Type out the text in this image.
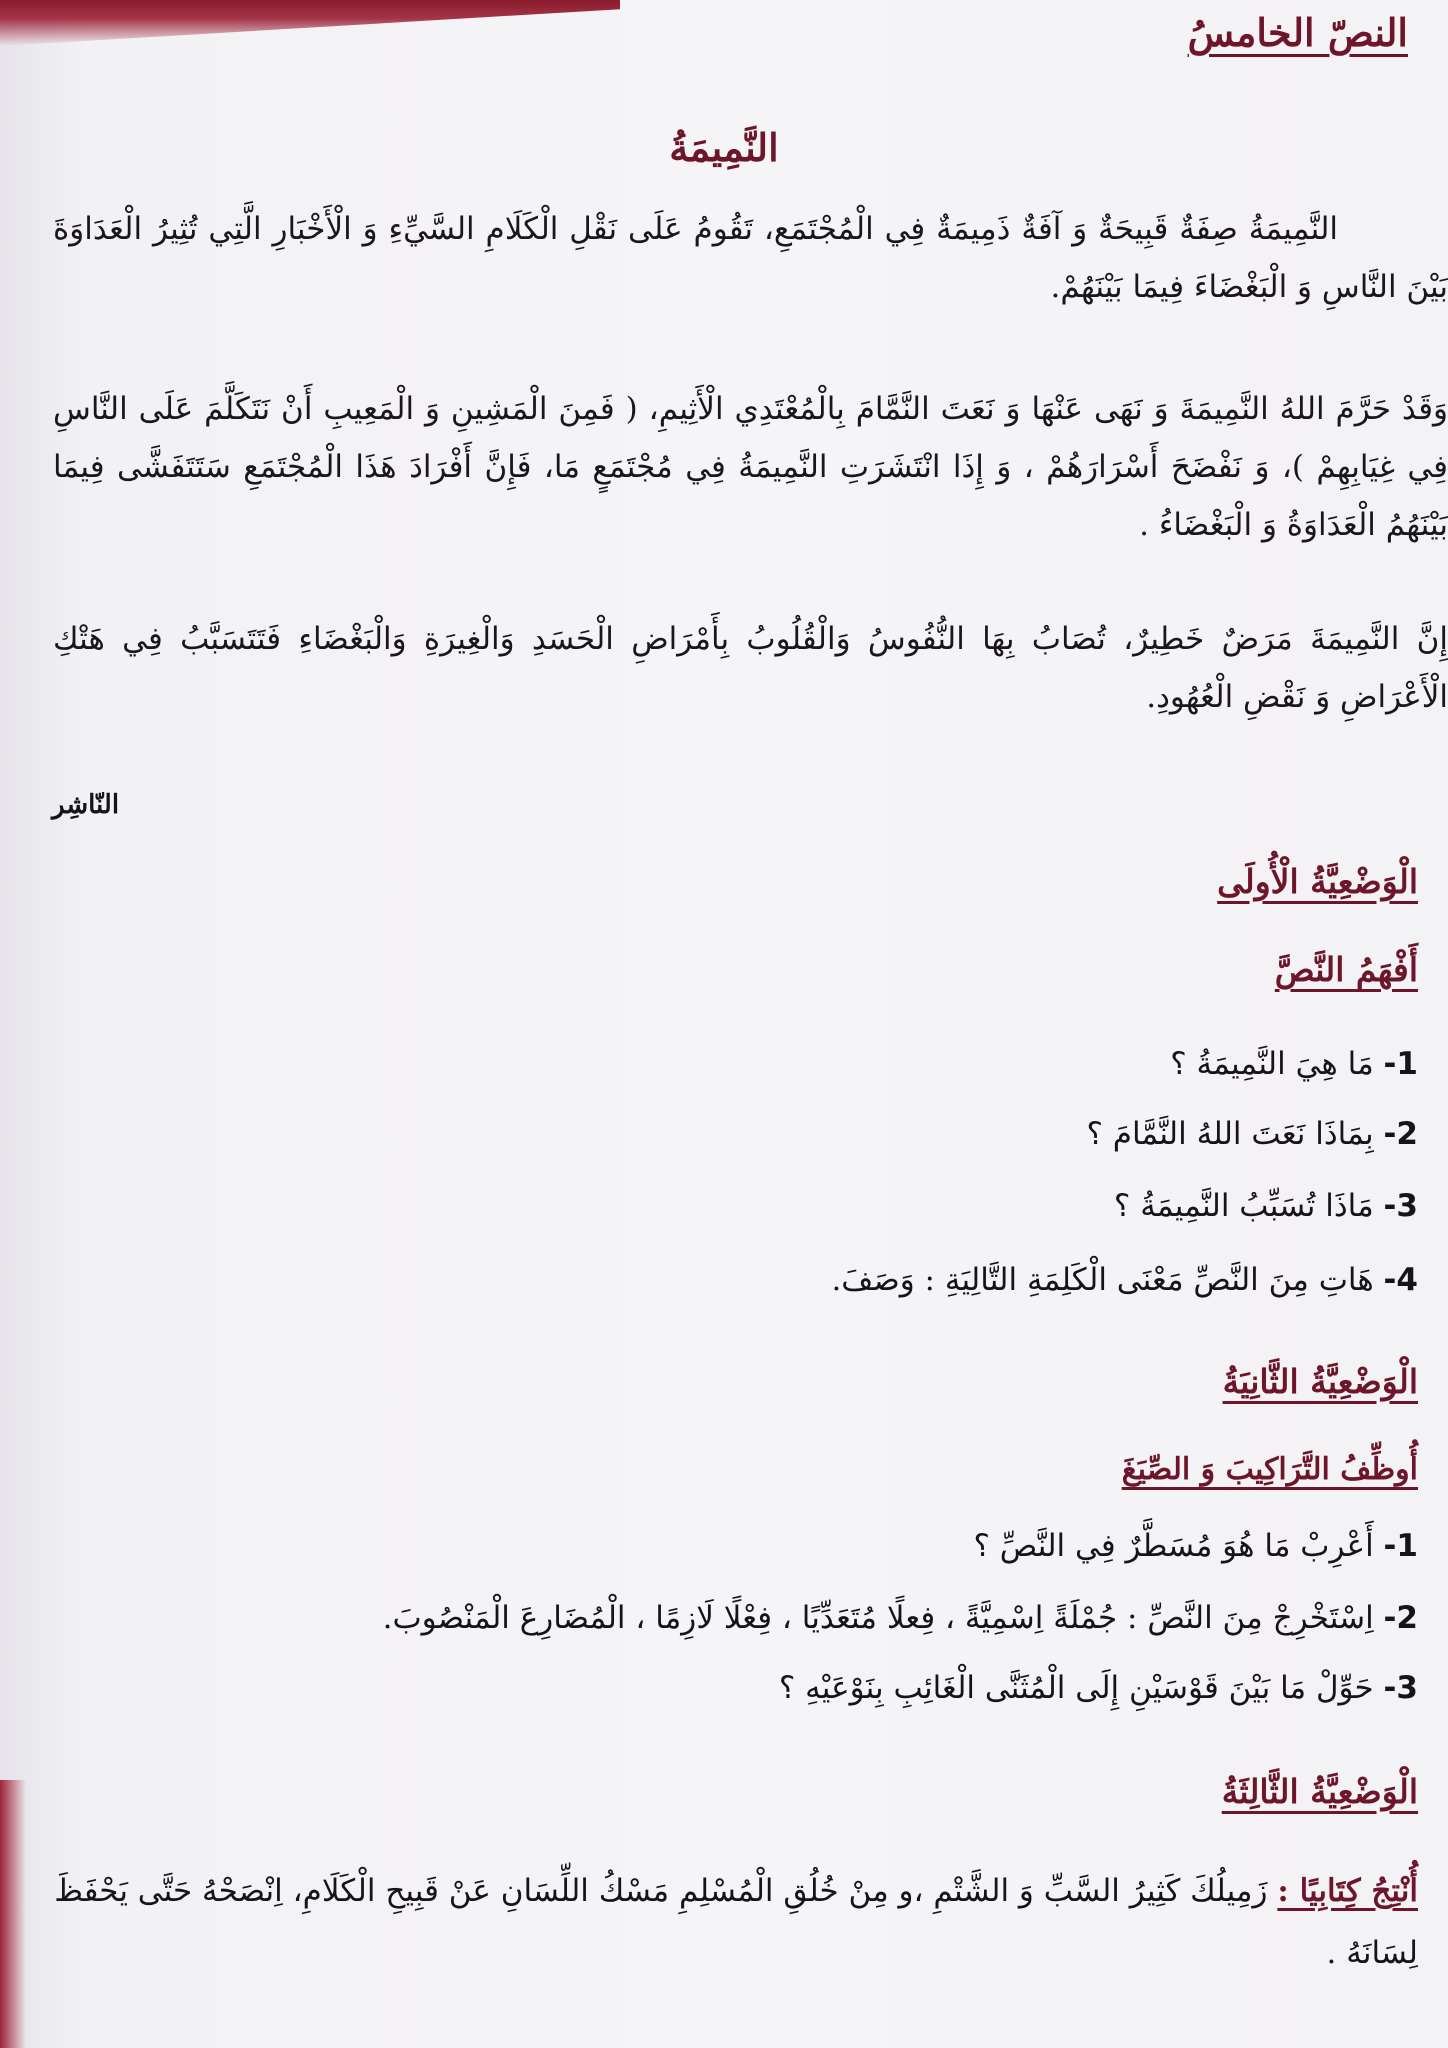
النصّ الخامسُ
النَّمِيمَةُ

النَّمِيمَةُ صِفَةٌ قَبِيحَةٌ وَ آفَةٌ ذَمِيمَةٌ فِي الْمُجْتَمَعِ، تَقُومُ عَلَى نَقْلِ الْكَلَامِ السَّيِّءِ وَ الْأَخْبَارِ الَّتِي تُثِيرُ الْعَدَاوَةَ بَيْنَ النَّاسِ وَ الْبَغْضَاءَ فِيمَا بَيْنَهُمْ.

وَقَدْ حَرَّمَ اللهُ النَّمِيمَةَ وَ نَهَى عَنْهَا وَ نَعَتَ النَّمَّامَ بِالْمُعْتَدِي الْأَثِيمِ، ( فَمِنَ الْمَشِينِ وَ الْمَعِيبِ أَنْ نَتَكَلَّمَ عَلَى النَّاسِ فِي غِيَابِهِمْ )، وَ نَفْضَحَ أَسْرَارَهُمْ ، وَ إِذَا انْتَشَرَتِ النَّمِيمَةُ فِي مُجْتَمَعٍ مَا، فَإِنَّ أَفْرَادَ هَذَا الْمُجْتَمَعِ سَتَتَفَشَّى فِيمَا بَيْنَهُمُ الْعَدَاوَةُ وَ الْبَغْضَاءُ .

إِنَّ النَّمِيمَةَ مَرَضٌ خَطِيرٌ، تُصَابُ بِهَا النُّفُوسُ وَالْقُلُوبُ بِأَمْرَاضِ الْحَسَدِ وَالْغِيرَةِ وَالْبَغْضَاءِ فَتَتَسَبَّبُ فِي هَتْكِ الْأَعْرَاضِ وَ نَقْضِ الْعُهُودِ.

النّاشِر
الْوَضْعِيَّةُ الْأُولَى
أَفْهَمُ النَّصَّ
1- مَا هِيَ النَّمِيمَةُ ؟
2- بِمَاذَا نَعَتَ اللهُ النَّمَّامَ ؟
3- مَاذَا تُسَبِّبُ النَّمِيمَةُ ؟
4- هَاتِ مِنَ النَّصِّ مَعْنَى الْكَلِمَةِ التَّالِيَةِ : وَصَفَ.
الْوَضْعِيَّةُ الثَّانِيَةُ
أُوظِّفُ التَّرَاكِيبَ وَ الصِّيَغَ
1- أَعْرِبْ مَا هُوَ مُسَطَّرٌ فِي النَّصِّ ؟
2- اِسْتَخْرِجْ مِنَ النَّصِّ : جُمْلَةً اِسْمِيَّةً ، فِعلًا مُتَعَدِّيًا ، فِعْلًا لَازِمًا ، الْمُضَارِعَ الْمَنْصُوبَ.
3- حَوِّلْ مَا بَيْنَ قَوْسَيْنِ إِلَى الْمُثَنَّى الْغَائِبِ بِنَوْعَيْهِ ؟
الْوَضْعِيَّةُ الثَّالِثَةُ
أُنْتِجُ كِتَابِيًا : زَمِيلُكَ كَثِيرُ السَّبِّ وَ الشَّتْمِ ،و مِنْ خُلُقِ الْمُسْلِمِ مَسْكُ اللِّسَانِ عَنْ قَبِيحِ الْكَلَامِ، اِنْصَحْهُ حَتَّى يَحْفَظَ لِسَانَهُ .
